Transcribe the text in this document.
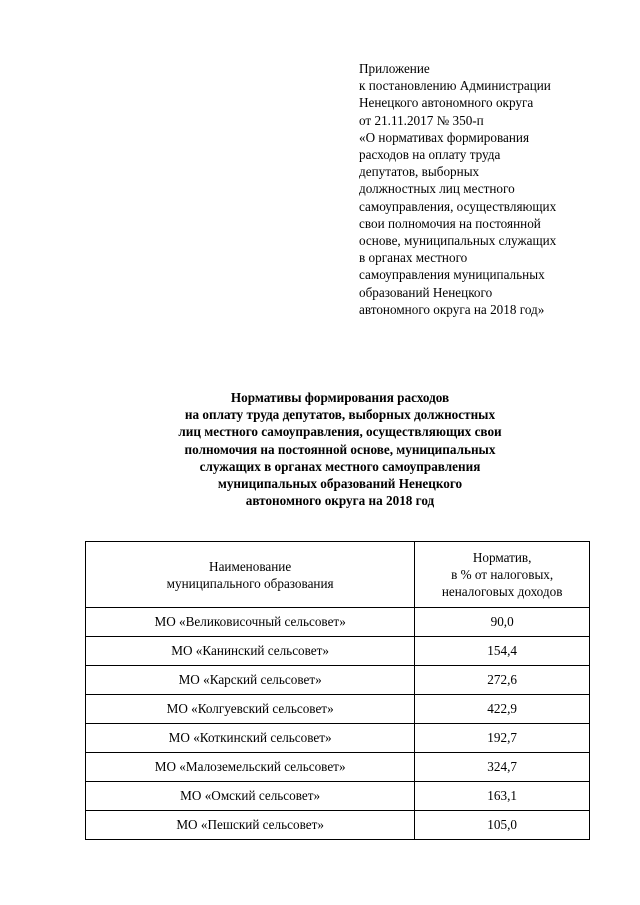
Приложение
к постановлению Администрации
Ненецкого автономного округа
от 21.11.2017 № 350-п
«О нормативах формирования
расходов на оплату труда
депутатов, выборных
должностных лиц местного
самоуправления, осуществляющих
свои полномочия на постоянной
основе, муниципальных служащих
в органах местного
самоуправления муниципальных
образований Ненецкого
автономного округа на 2018 год»
Нормативы формирования расходов
на оплату труда депутатов, выборных должностных
лиц местного самоуправления, осуществляющих свои
полномочия на постоянной основе, муниципальных
служащих в органах местного самоуправления
муниципальных образований Ненецкого
автономного округа на 2018 год
Наименование
муниципального образования	Норматив,
в % от налоговых,
неналоговых доходов

МО «Великовисочный сельсовет»	90,0
МО «Канинский сельсовет»	154,4
МО «Карский сельсовет»	272,6
МО «Колгуевский сельсовет»	422,9
МО «Коткинский сельсовет»	192,7
МО «Малоземельский сельсовет»	324,7
МО «Омский сельсовет»	163,1
МО «Пешский сельсовет»	105,0
